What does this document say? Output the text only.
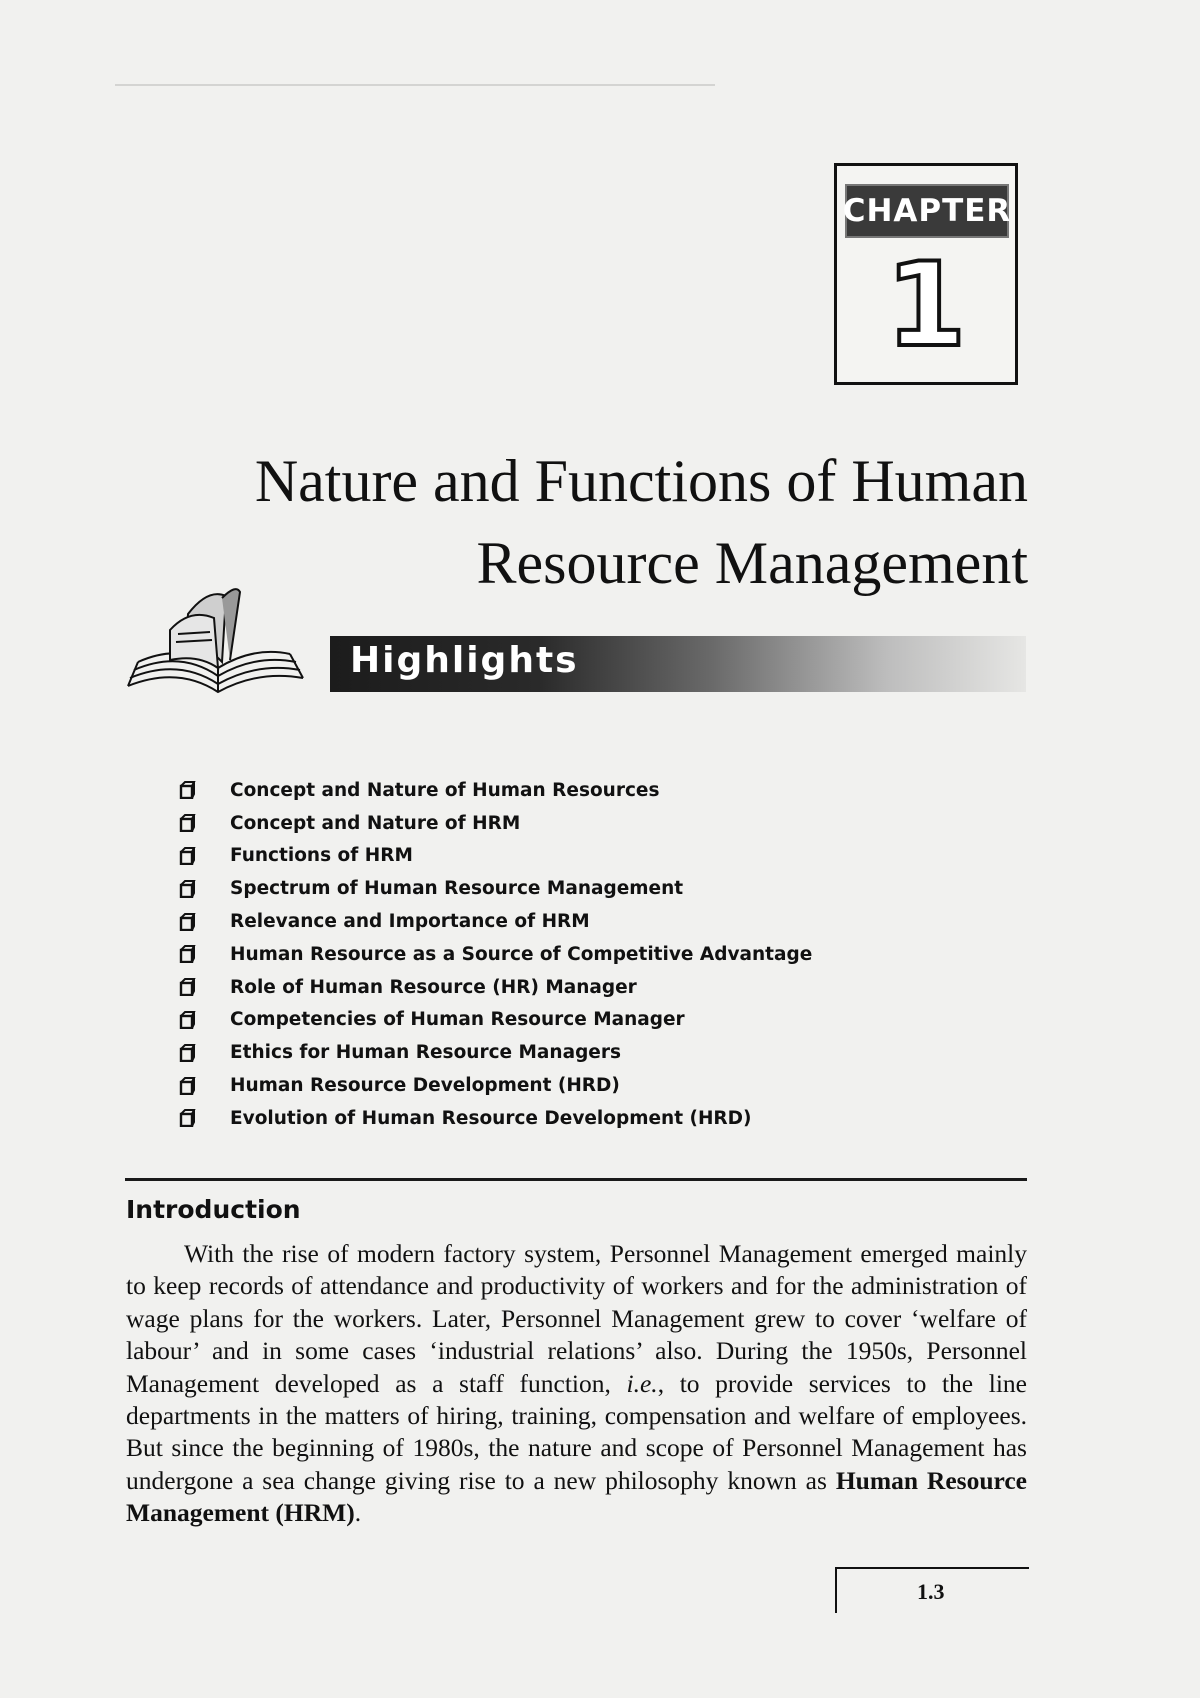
CHAPTER
1
Nature and Functions of Human
Resource Management
Highlights
Concept and Nature of Human Resources
Concept and Nature of HRM
Functions of HRM
Spectrum of Human Resource Management
Relevance and Importance of HRM
Human Resource as a Source of Competitive Advantage
Role of Human Resource (HR) Manager
Competencies of Human Resource Manager
Ethics for Human Resource Managers
Human Resource Development (HRD)
Evolution of Human Resource Development (HRD)
Introduction

With the rise of modern factory system, Personnel Management emerged mainly to keep records of attendance and productivity of workers and for the administration of wage plans for the workers. Later, Personnel Management grew to cover ‘welfare of labour’ and in some cases ‘industrial relations’ also. During the 1950s, Personnel Management developed as a staff function, i.e., to provide services to the line departments in the matters of hiring, training, compensation and welfare of employees. But since the beginning of 1980s, the nature and scope of Personnel Management has undergone a sea change giving rise to a new philosophy known as Human Resource Management (HRM).

1.3
